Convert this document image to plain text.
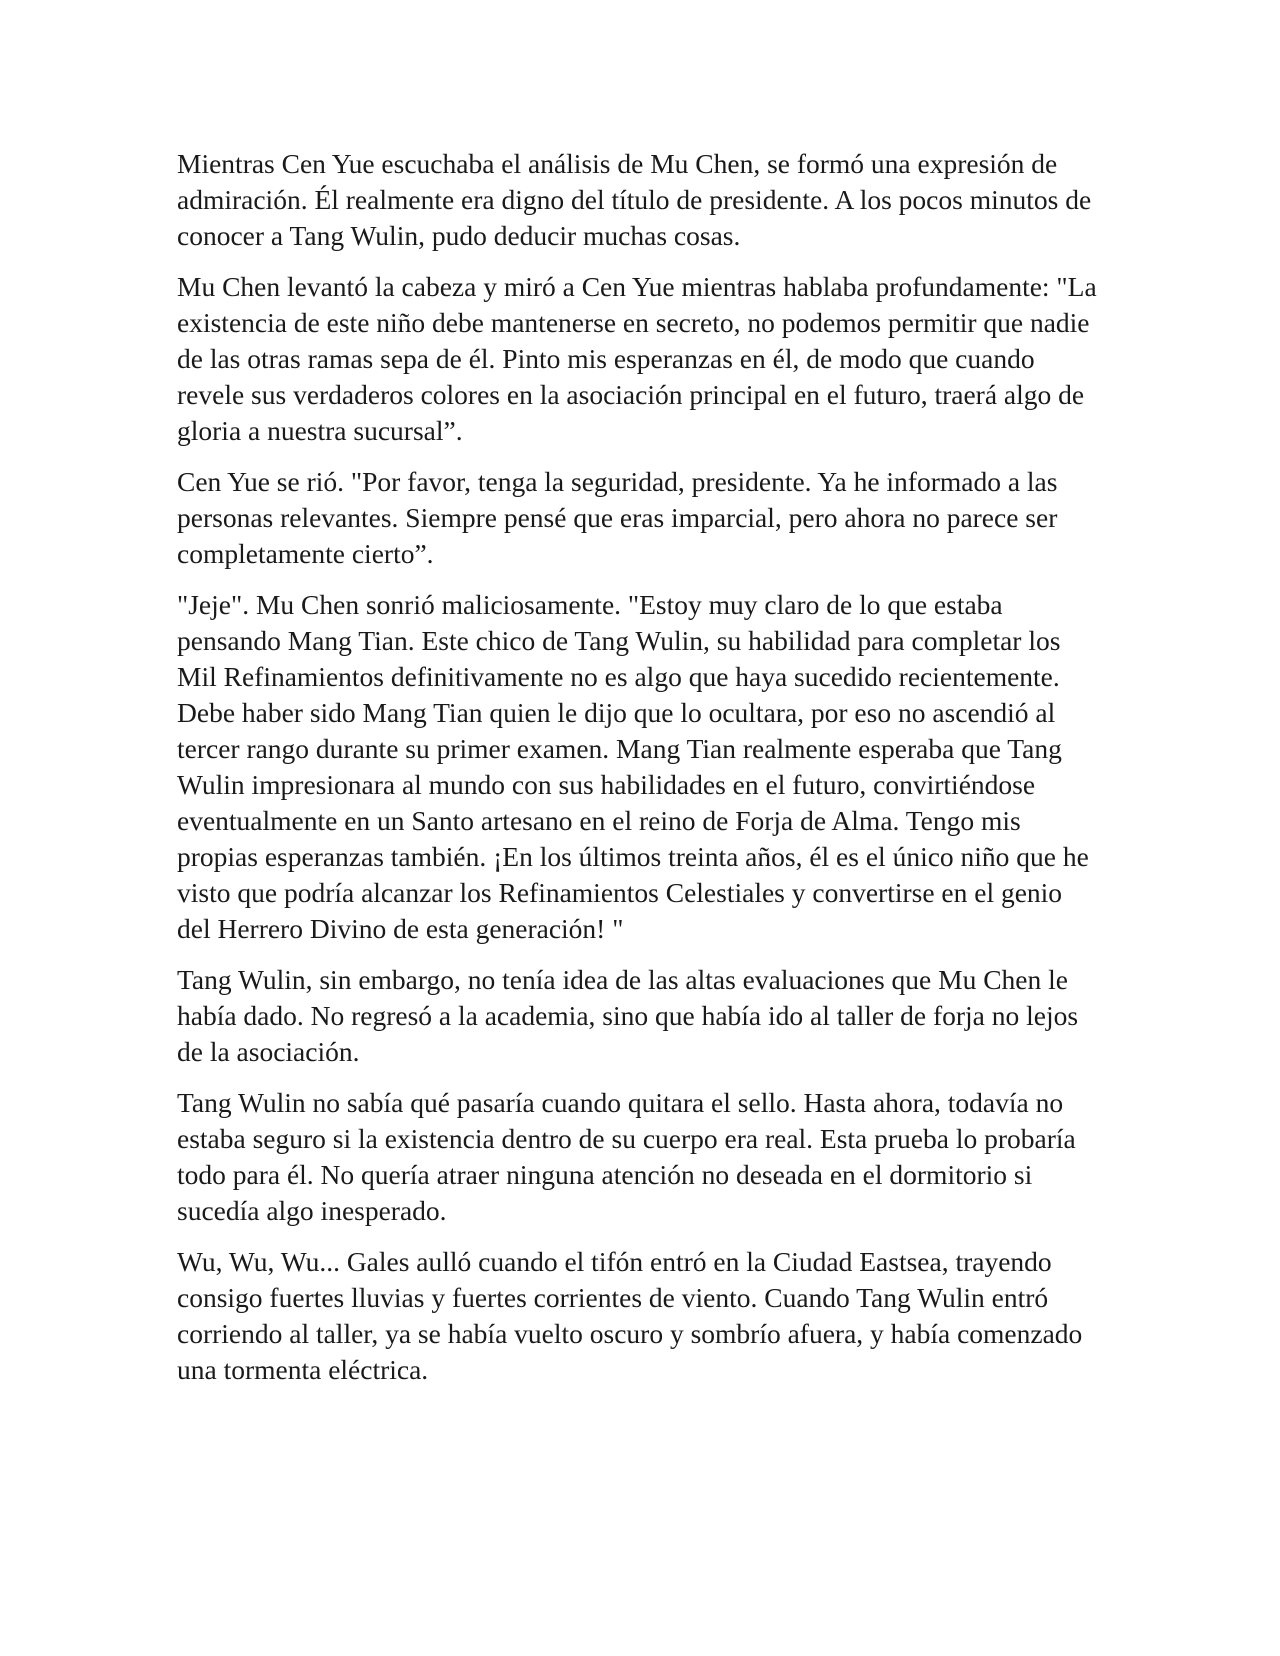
Mientras Cen Yue escuchaba el análisis de Mu Chen, se formó una expresión de admiración. Él realmente era digno del título de presidente. A los pocos minutos de conocer a Tang Wulin, pudo deducir muchas cosas.

Mu Chen levantó la cabeza y miró a Cen Yue mientras hablaba profundamente: "La existencia de este niño debe mantenerse en secreto, no podemos permitir que nadie de las otras ramas sepa de él. Pinto mis esperanzas en él, de modo que cuando revele sus verdaderos colores en la asociación principal en el futuro, traerá algo de gloria a nuestra sucursal”.

Cen Yue se rió. "Por favor, tenga la seguridad, presidente. Ya he informado a las personas relevantes. Siempre pensé que eras imparcial, pero ahora no parece ser completamente cierto”.

"Jeje". Mu Chen sonrió maliciosamente. "Estoy muy claro de lo que estaba pensando Mang Tian. Este chico de Tang Wulin, su habilidad para completar los Mil Refinamientos definitivamente no es algo que haya sucedido recientemente. Debe haber sido Mang Tian quien le dijo que lo ocultara, por eso no ascendió al tercer rango durante su primer examen. Mang Tian realmente esperaba que Tang Wulin impresionara al mundo con sus habilidades en el futuro, convirtiéndose eventualmente en un Santo artesano en el reino de Forja de Alma. Tengo mis propias esperanzas también. ¡En los últimos treinta años, él es el único niño que he visto que podría alcanzar los Refinamientos Celestiales y convertirse en el genio del Herrero Divino de esta generación! "

Tang Wulin, sin embargo, no tenía idea de las altas evaluaciones que Mu Chen le había dado. No regresó a la academia, sino que había ido al taller de forja no lejos de la asociación.

Tang Wulin no sabía qué pasaría cuando quitara el sello. Hasta ahora, todavía no estaba seguro si la existencia dentro de su cuerpo era real. Esta prueba lo probaría todo para él. No quería atraer ninguna atención no deseada en el dormitorio si sucedía algo inesperado.

Wu, Wu, Wu... Gales aulló cuando el tifón entró en la Ciudad Eastsea, trayendo consigo fuertes lluvias y fuertes corrientes de viento. Cuando Tang Wulin entró corriendo al taller, ya se había vuelto oscuro y sombrío afuera, y había comenzado una tormenta eléctrica.
